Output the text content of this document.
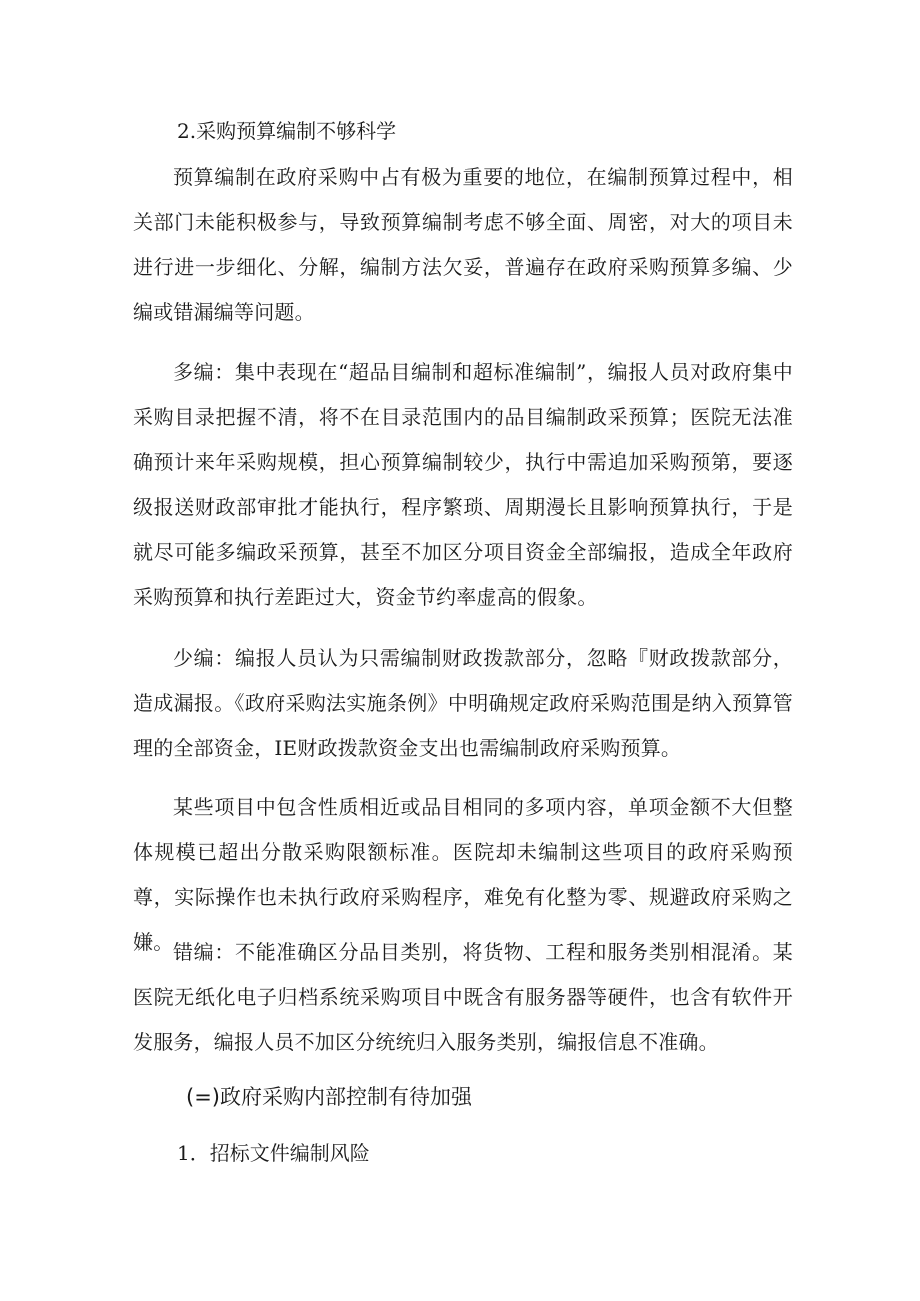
2.采购预算编制不够科学

预算编制在政府采购中占有极为重要的地位，在编制预算过程中，相关部门未能积极参与，导致预算编制考虑不够全面、周密，对大的项目未进行进一步细化、分解，编制方法欠妥，普遍存在政府采购预算多编、少编或错漏编等问题。

多编：集中表现在“超品目编制和超标准编制”，编报人员对政府集中采购目录把握不清，将不在目录范围内的品目编制政采预算；医院无法准确预计来年采购规模，担心预算编制较少，执行中需追加采购预第，要逐级报送财政部审批才能执行，程序繁琐、周期漫长且影响预算执行，于是就尽可能多编政采预算，甚至不加区分项目资金全部编报，造成全年政府采购预算和执行差距过大，资金节约率虚高的假象。

少编：编报人员认为只需编制财政拨款部分，忽略『财政拨款部分，造成漏报。《政府采购法实施条例》中明确规定政府采购范围是纳入预算管理的全部资金，IE财政拨款资金支出也需编制政府采购预算。

某些项目中包含性质相近或品目相同的多项内容，单项金额不大但整体规模已超出分散采购限额标准。医院却未编制这些项目的政府采购预尊，实际操作也未执行政府采购程序，难免有化整为零、规避政府采购之嫌。 错编：不能准确区分品目类别，将货物、工程和服务类别相混淆。某医院无纸化电子归档系统采购项目中既含有服务器等硬件，也含有软件开发服务，编报人员不加区分统统归入服务类别，编报信息不准确。

(=)政府采购内部控制有待加强

1．招标文件编制风险
